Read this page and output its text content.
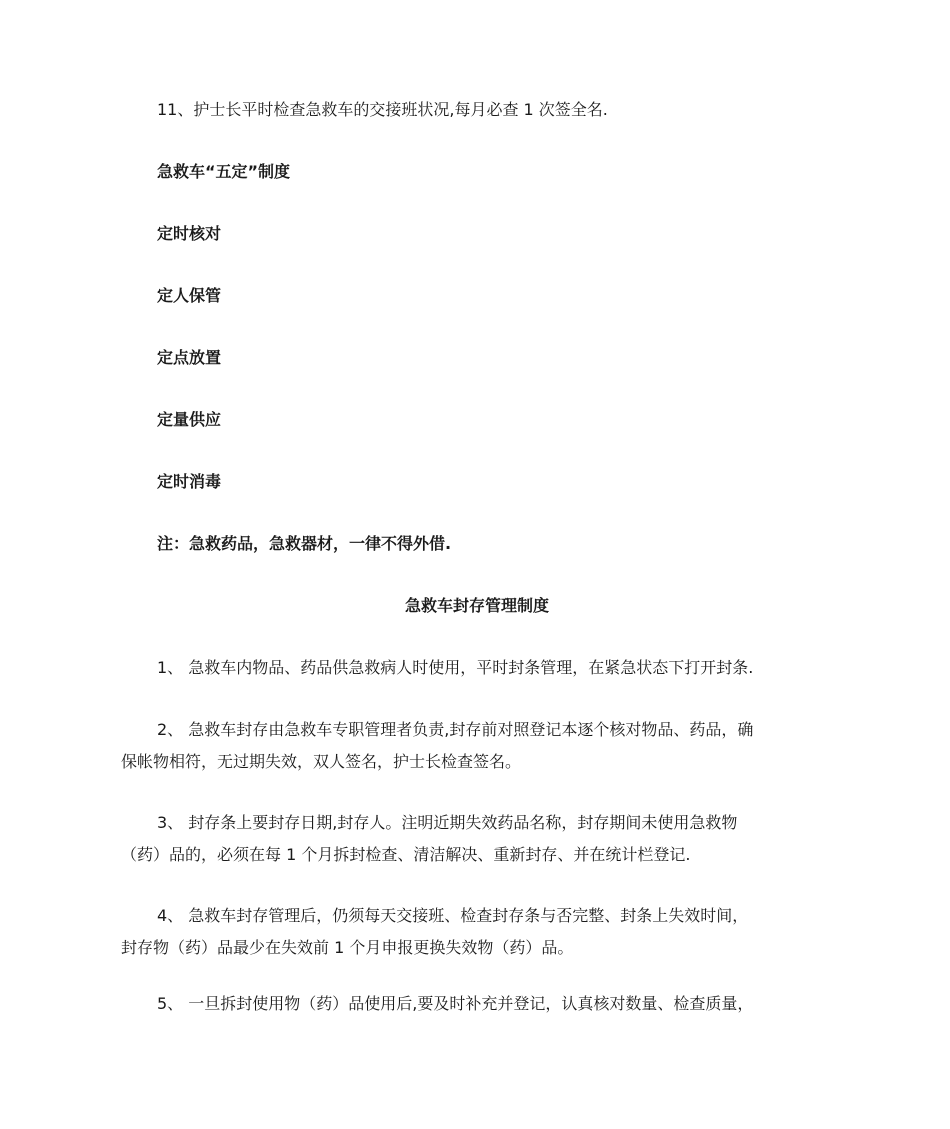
11、护士长平时检查急救车的交接班状况,每月必查 1 次签全名.

急救车“五定”制度

定时核对

定人保管

定点放置

定量供应

定时消毒

注：急救药品，急救器材，一律不得外借.

急救车封存管理制度

1、 急救车内物品、药品供急救病人时使用，平时封条管理，在紧急状态下打开封条.

2、 急救车封存由急救车专职管理者负责,封存前对照登记本逐个核对物品、药品，确
保帐物相符，无过期失效，双人签名，护士长检查签名。
3、 封存条上要封存日期,封存人。注明近期失效药品名称，封存期间未使用急救物
（药）品的，必须在每 1 个月拆封检查、清洁解决、重新封存、并在统计栏登记.
4、 急救车封存管理后，仍须每天交接班、检查封存条与否完整、封条上失效时间，
封存物（药）品最少在失效前 1 个月申报更换失效物（药）品。
5、 一旦拆封使用物（药）品使用后,要及时补充并登记，认真核对数量、检查质量，
